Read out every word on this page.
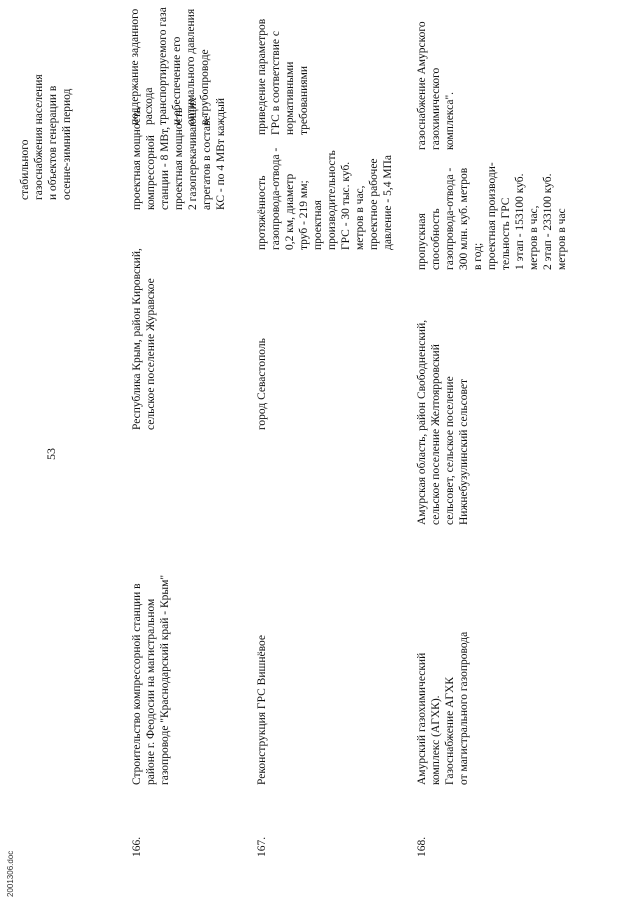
2001306.doc
53
стабильного
газоснабжения населения
и объектов генерации в
осенне-зимний период
166.
Строительство компрессорной станции в
районе г. Феодосии на магистральном
газопроводе "Краснодарский край - Крым"
Республика Крым, район Кировский,
сельское поселение Журавское
проектная мощность
компрессорной
станции - 8 МВт,
проектная мощность
2 газоперекачивающих
агрегатов в составе
КС - по 4 МВт каждый
поддержание заданного
расхода
транспортируемого газа
и обеспечение его
оптимального давления
в трубопроводе
167.
Реконструкция ГРС Вишнёвое
город Севастополь
протяжённость
газопровода-отвода -
0,2 км, диаметр
труб - 219 мм;
проектная
производительность
ГРС - 30 тыс. куб.
метров в час,
проектное рабочее
давление - 5,4 МПа
приведение параметров
ГРС в соответствие с
нормативными
требованиями
168.
Амурский газохимический
комплекс (АГХК).
Газоснабжение АГХК
от магистрального газопровода
Амурская область, район Свободненский,
сельское поселение Желтоярровский
сельсовет, сельское поселение
Нижнебузулинский сельсовет
пропускная
способность
газопровода-отвода -
300 млн. куб. метров
в год;
проектная производи-
тельность ГРС
1 этап - 153100 куб.
метров в час,
2 этап - 233100 куб.
метров в час
газоснабжение Амурского
газохимического
комплекса".
